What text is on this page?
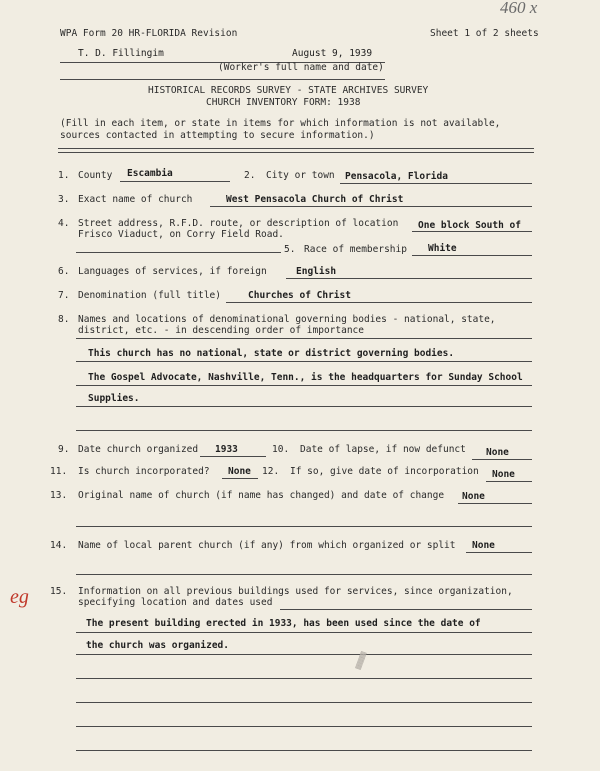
460 x
WPA Form 20 HR-FLORIDA Revision	Sheet 1 of 2 sheets
T. D. Fillingim	August 9, 1939
(Worker's full name and date)
HISTORICAL RECORDS SURVEY - STATE ARCHIVES SURVEY
CHURCH INVENTORY FORM: 1938
(Fill in each item, or state in items for which information is not available,
sources contacted in attempting to secure information.)
1. County Escambia	2. City or town Pensacola, Florida
3. Exact name of church	West Pensacola Church of Christ
4. Street address, R.F.D. route, or description of location One block South of
Frisco Viaduct, on Corry Field Road.
5. Race of membership White
6. Languages of services, if foreign	English
7. Denomination (full title)	Churches of Christ
8. Names and locations of denominational governing bodies - national, state,
district, etc. - in descending order of importance
This church has no national, state or district governing bodies.
The Gospel Advocate, Nashville, Tenn., is the headquarters for Sunday School
Supplies.
9. Date church organized 1933	10. Date of lapse, if now defunct None
11. Is church incorporated? None 12. If so, give date of incorporation None
13. Original name of church (if name has changed) and date of change None
14. Name of local parent church (if any) from which organized or split None
eg 15. Information on all previous buildings used for services, since organization,
specifying location and dates used
The present building erected in 1933, has been used since the date of
the church was organized.
▦▦▦
